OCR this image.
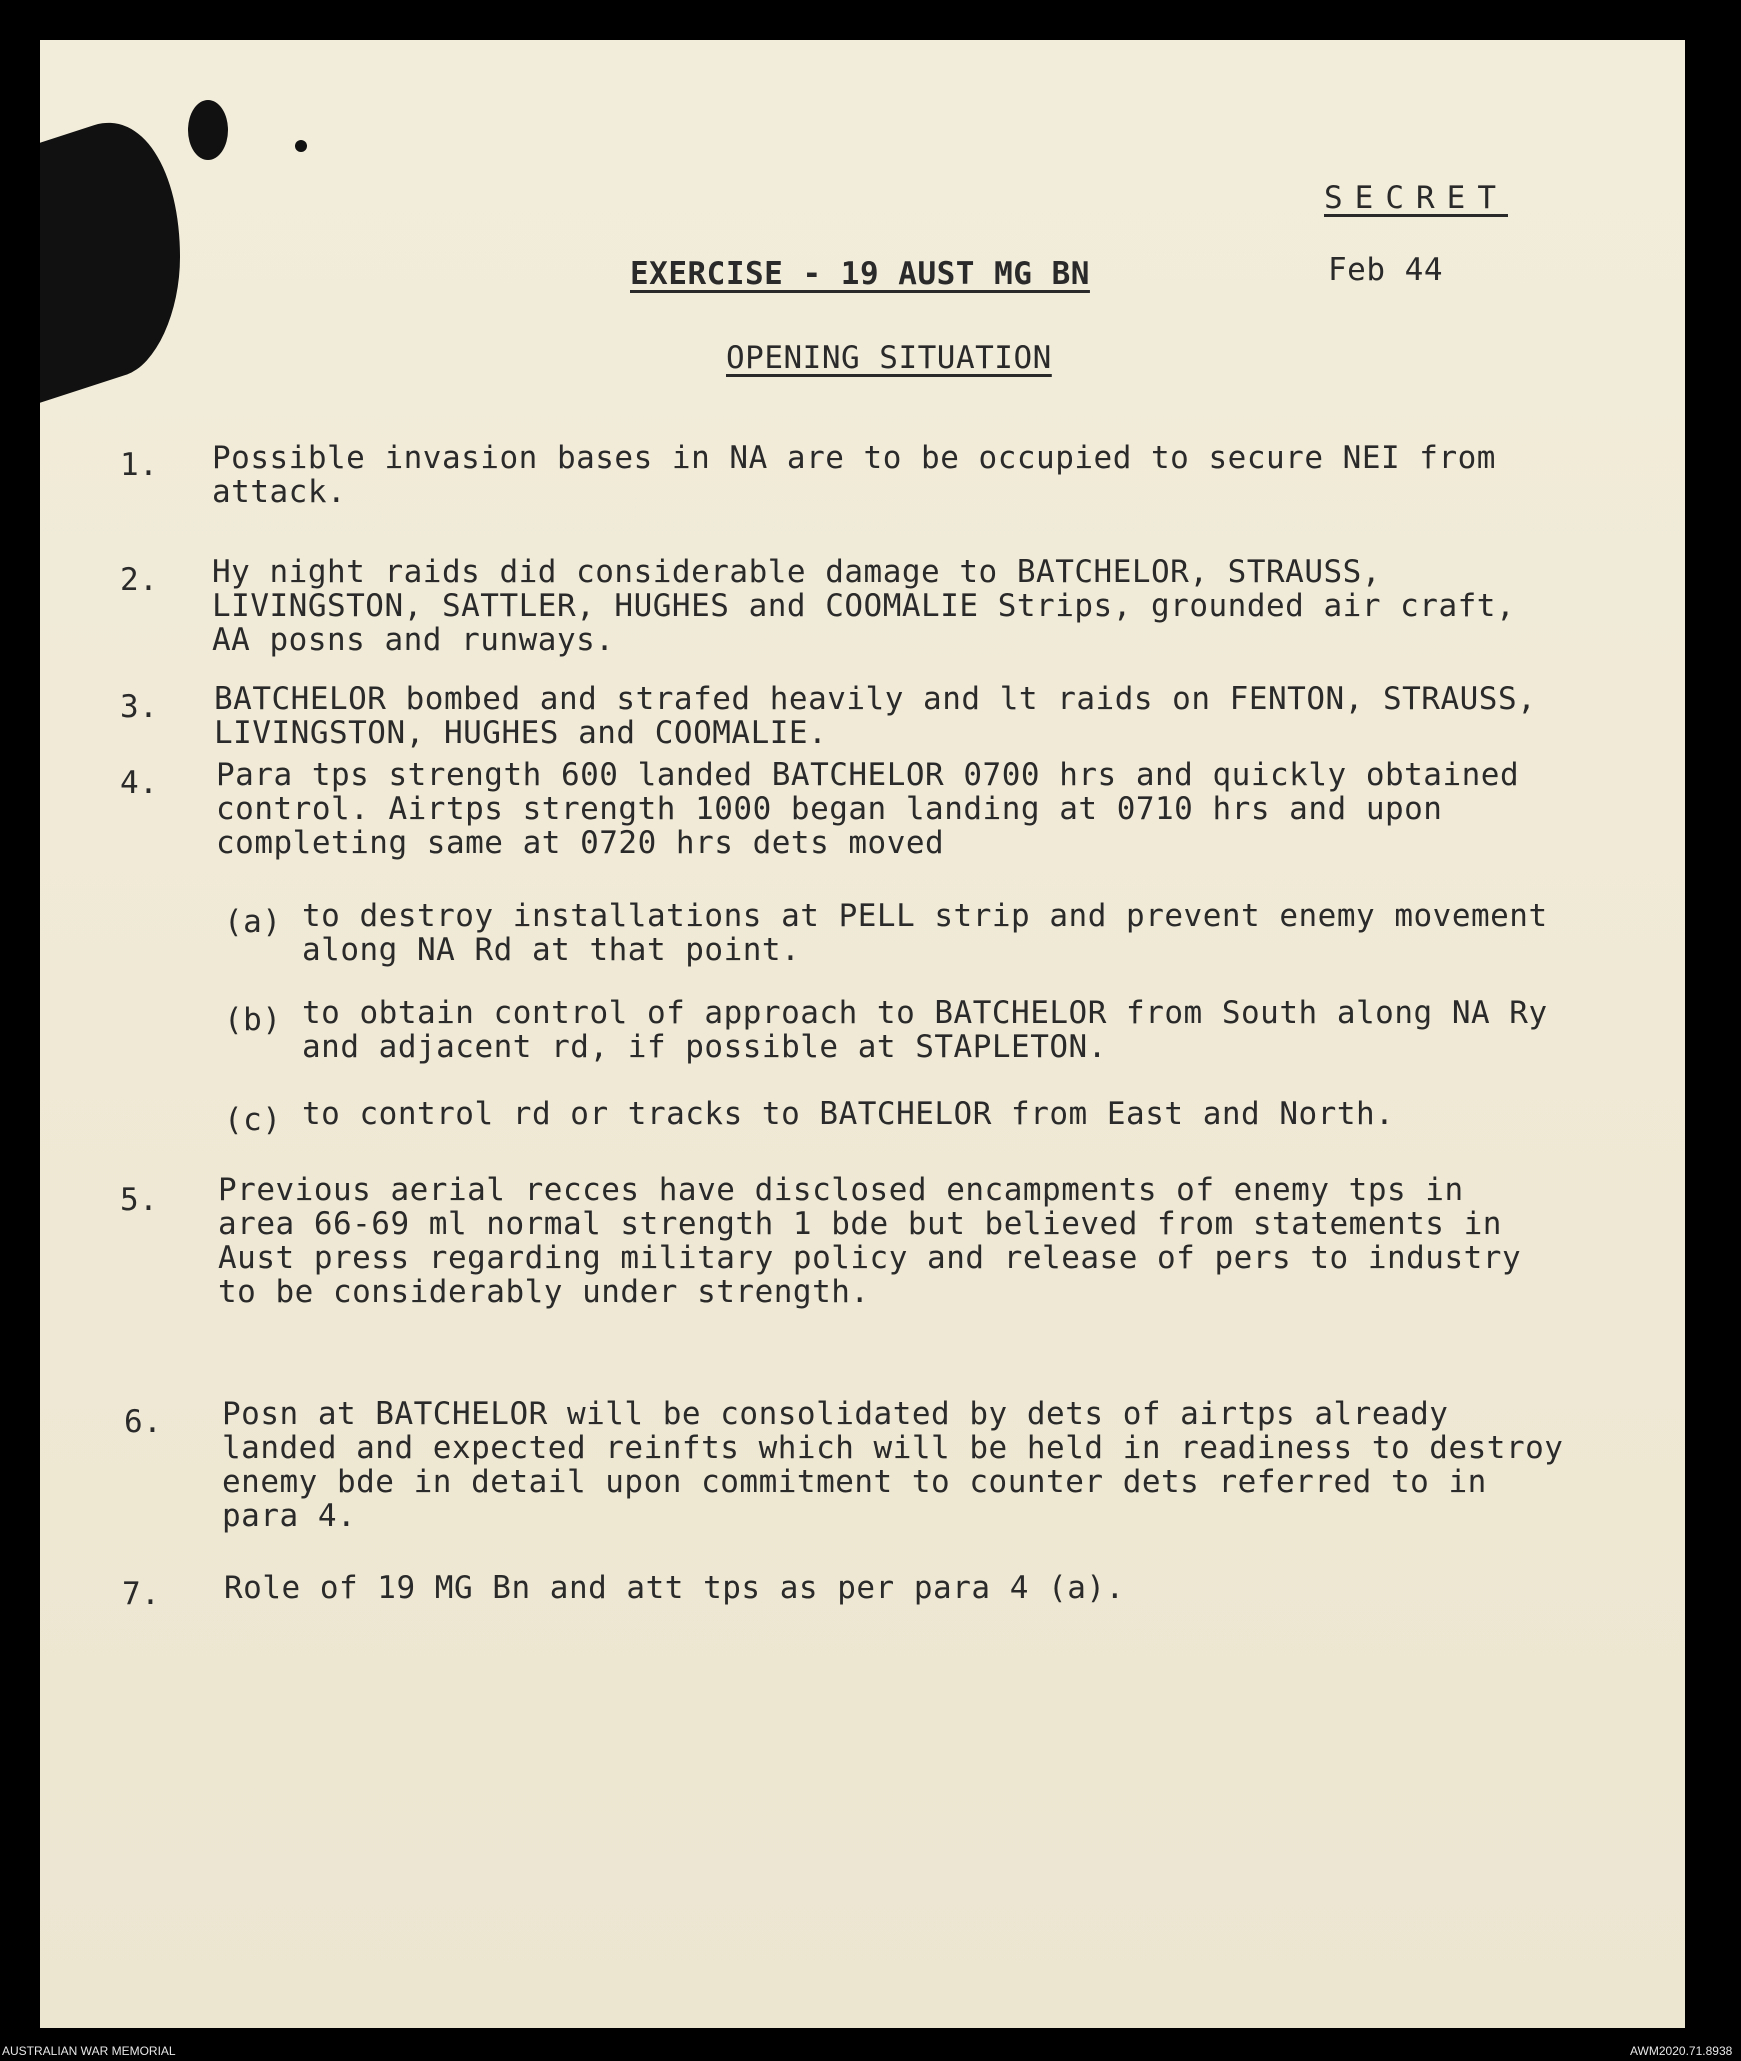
SECRET
EXERCISE - 19 AUST MG BN	Feb 44
OPENING SITUATION
1. Possible invasion bases in NA are to be occupied to secure NEI from
attack.
2. Hy night raids did considerable damage to BATCHELOR, STRAUSS,
LIVINGSTON, SATTLER, HUGHES and COOMALIE Strips, grounded air craft,
AA posns and runways.
3. BATCHELOR bombed and strafed heavily and lt raids on FENTON, STRAUSS,
LIVINGSTON, HUGHES and COOMALIE.
4. Para tps strength 600 landed BATCHELOR 0700 hrs and quickly obtained
control. Airtps strength 1000 began landing at 0710 hrs and upon
completing same at 0720 hrs dets moved
(a) to destroy installations at PELL strip and prevent enemy movement
along NA Rd at that point.
(b) to obtain control of approach to BATCHELOR from South along NA Ry
and adjacent rd, if possible at STAPLETON.
(c) to control rd or tracks to BATCHELOR from East and North.
5. Previous aerial recces have disclosed encampments of enemy tps in
area 66-69 ml normal strength 1 bde but believed from statements in
Aust press regarding military policy and release of pers to industry
to be considerably under strength.
6. Posn at BATCHELOR will be consolidated by dets of airtps already
landed and expected reinfts which will be held in readiness to destroy
enemy bde in detail upon commitment to counter dets referred to in
para 4.
7. Role of 19 MG Bn and att tps as per para 4 (a).
AUSTRALIAN WAR MEMORIAL	AWM2020.71.8938
